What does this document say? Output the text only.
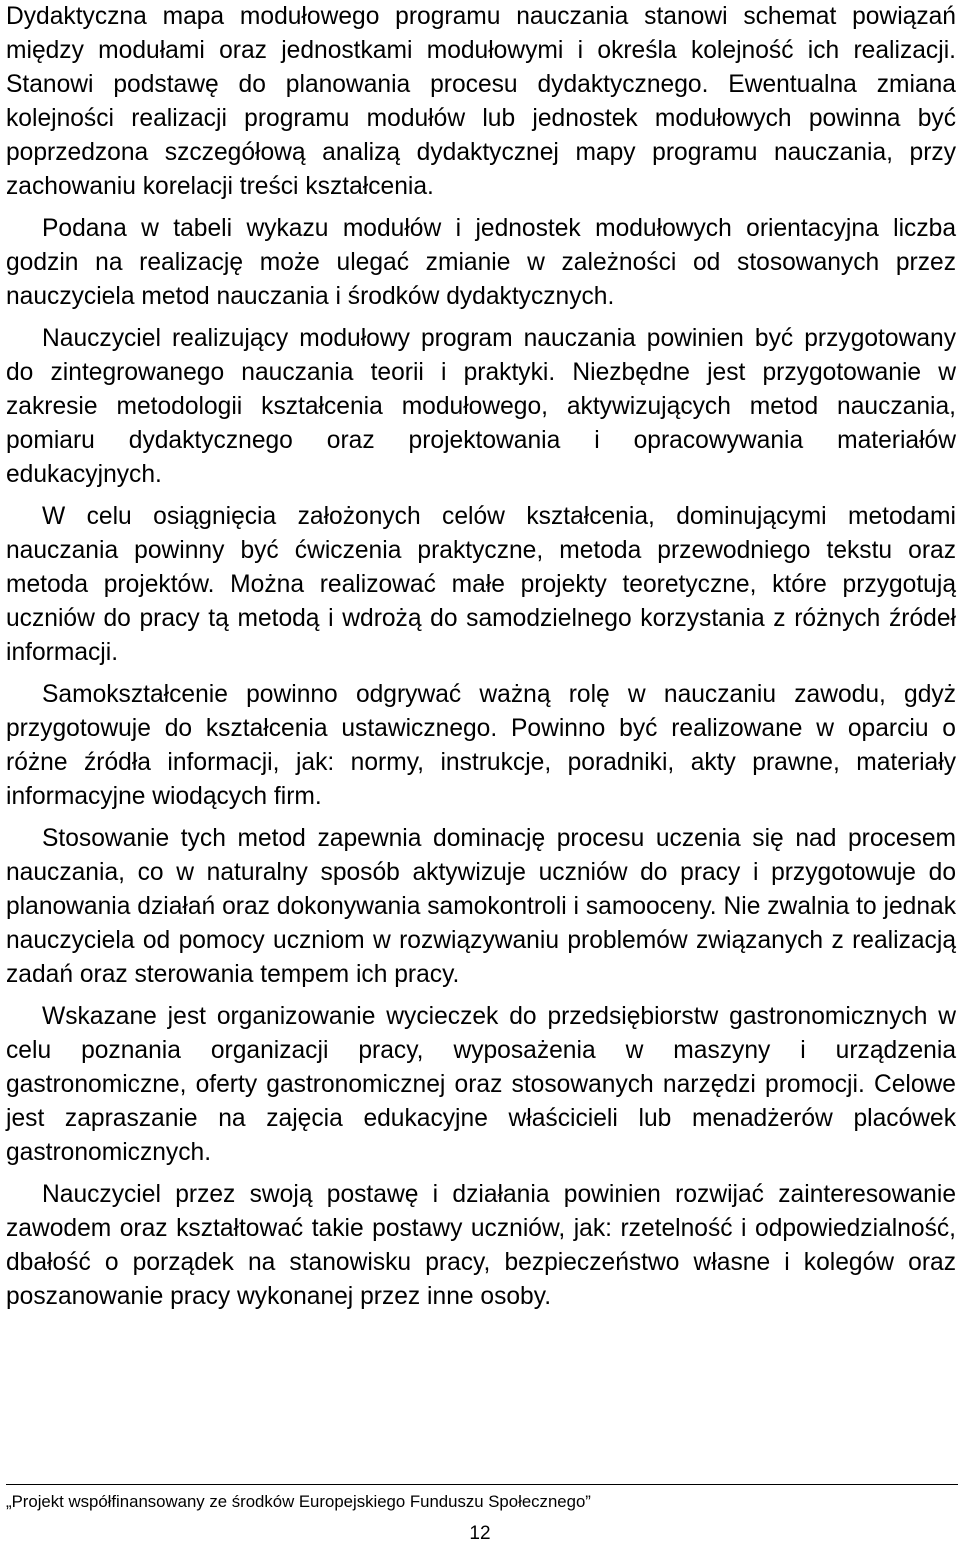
Dydaktyczna mapa modułowego programu nauczania stanowi schemat powiązań między modułami oraz jednostkami modułowymi i określa kolejność ich realizacji. Stanowi podstawę do planowania procesu dydaktycznego. Ewentualna zmiana kolejności realizacji programu modułów lub jednostek modułowych powinna być poprzedzona szczegółową analizą dydaktycznej mapy programu nauczania, przy zachowaniu korelacji treści kształcenia.

Podana w tabeli wykazu modułów i jednostek modułowych orientacyjna liczba godzin na realizację może ulegać zmianie w zależności od stosowanych przez nauczyciela metod nauczania i środków dydaktycznych.

Nauczyciel realizujący modułowy program nauczania powinien być przygotowany do zintegrowanego nauczania teorii i praktyki. Niezbędne jest przygotowanie w zakresie metodologii kształcenia modułowego, aktywizujących metod nauczania, pomiaru dydaktycznego oraz projektowania i opracowywania materiałów edukacyjnych.

W celu osiągnięcia założonych celów kształcenia, dominującymi metodami nauczania powinny być ćwiczenia praktyczne, metoda przewodniego tekstu oraz metoda projektów. Można realizować małe projekty teoretyczne, które przygotują uczniów do pracy tą metodą i wdrożą do samodzielnego korzystania z różnych źródeł informacji.

Samokształcenie powinno odgrywać ważną rolę w nauczaniu zawodu, gdyż przygotowuje do kształcenia ustawicznego. Powinno być realizowane w oparciu o różne źródła informacji, jak: normy, instrukcje, poradniki, akty prawne, materiały informacyjne wiodących firm.

Stosowanie tych metod zapewnia dominację procesu uczenia się nad procesem nauczania, co w naturalny sposób aktywizuje uczniów do pracy i przygotowuje do planowania działań oraz dokonywania samokontroli i samooceny. Nie zwalnia to jednak nauczyciela od pomocy uczniom w rozwiązywaniu problemów związanych z realizacją zadań oraz sterowania tempem ich pracy.

Wskazane jest organizowanie wycieczek do przedsiębiorstw gastronomicznych w celu poznania organizacji pracy, wyposażenia w maszyny i urządzenia gastronomiczne, oferty gastronomicznej oraz stosowanych narzędzi promocji. Celowe jest zapraszanie na zajęcia edukacyjne właścicieli lub menadżerów placówek gastronomicznych.

Nauczyciel przez swoją postawę i działania powinien rozwijać zainteresowanie zawodem oraz kształtować takie postawy uczniów, jak: rzetelność i odpowiedzialność, dbałość o porządek na stanowisku pracy, bezpieczeństwo własne i kolegów oraz poszanowanie pracy wykonanej przez inne osoby.

„Projekt współfinansowany ze środków Europejskiego Funduszu Społecznego”
12
